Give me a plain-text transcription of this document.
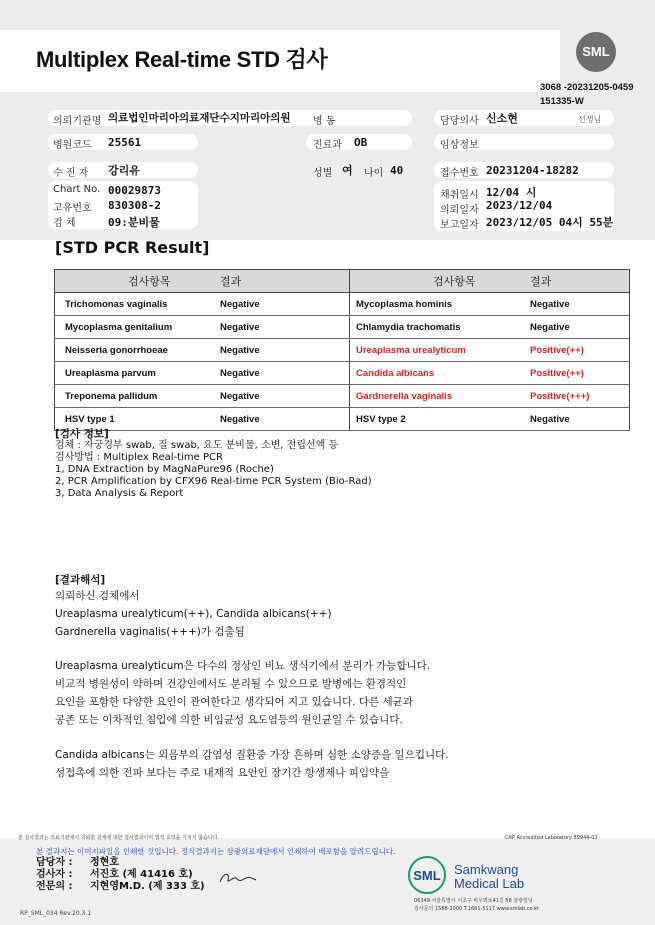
Multiplex Real-time STD 검사	SML
3068 -20231205-0459
151335-W
의뢰기관명 의료법인마리아의료재단수지마리아의원 병 동	담당의사 신소현	선생님
병원코드 25561	진료과 OB	임상정보
수 진 자 강리유	성별 여 나이 40	접수번호 20231204-18282
Chart No. 00029873
고유번호 830308-2
검 체	09:분비물
채취일시 12/04 시
의뢰일자 2023/12/04
보고일자 2023/12/05 04시 55분
[STD PCR Result]
	검사항목	결과		검사항목	결과
Trichomonas vaginalis		Negative	Mycoplasma hominis		Negative
Mycoplasma genitalium		Negative	Chlamydia trachomatis		Negative
Neisseria gonorrhoeae		Negative	Ureaplasma urealyticum		Positive(++)
Ureaplasma parvum		Negative	Candida albicans		Positive(++)
Treponema pallidum		Negative	Gardnerella vaginalis		Positive(+++)
HSV type 1		Negative	HSV type 2		Negative
[검사 정보]
검체 : 자궁경부 swab, 질 swab, 요도 분비물, 소변, 전립선액 등
검사방법 : Multiplex Real-time PCR
1, DNA Extraction by MagNaPure96 (Roche)
2, PCR Amplification by CFX96 Real-time PCR System (Bio-Rad)
3, Data Analysis & Report
[결과해석]
의뢰하신 검체에서
Ureaplasma urealyticum(++), Candida albicans(++)
Gardnerella vaginalis(+++)가 검출됨
Ureaplasma urealyticum은 다수의 정상인 비뇨 생식기에서 분리가 가능합니다.
비교적 병원성이 약하며 건강인에서도 분리될 수 있으므로 발병에는 환경적인
요인을 포함한 다양한 요인이 관여한다고 생각되어 지고 있습니다. 다른 세균과
공존 또는 이차적인 침입에 의한 비임균성 요도염등의 원인균일 수 있습니다.
Candida albicans는 외음부의 감염성 질환중 가장 흔하며 심한 소양증을 일으킵니다.
성접촉에 의한 전파 보다는 주로 내재적 요인인 장기간 항생제나 피임약을
본 검사결과는 의료기관에서 의뢰한 검체에 대한 검사결과이며 법적 효력을 가지지 않습니다.	CAP Accredited Laboratory 89944-01
본 결과지는 이미지파일을 인쇄한 것입니다. 정식결과지는 삼광의료재단에서 인쇄하여 배포함을 알려드립니다.
담당자 : 정현호
검사자 : 서진호 (제 41416 호)
전문의 : 지현영M.D. (제 333 호)
SML Samkwang
Medical Lab
06349 서울특별시 서초구 바우뫼로41길 58 삼광빌딩
검사문의 1588-2000 T.1661-5117 www.smlab.co.kr
RP_SML_034 Rev.20.3.1
